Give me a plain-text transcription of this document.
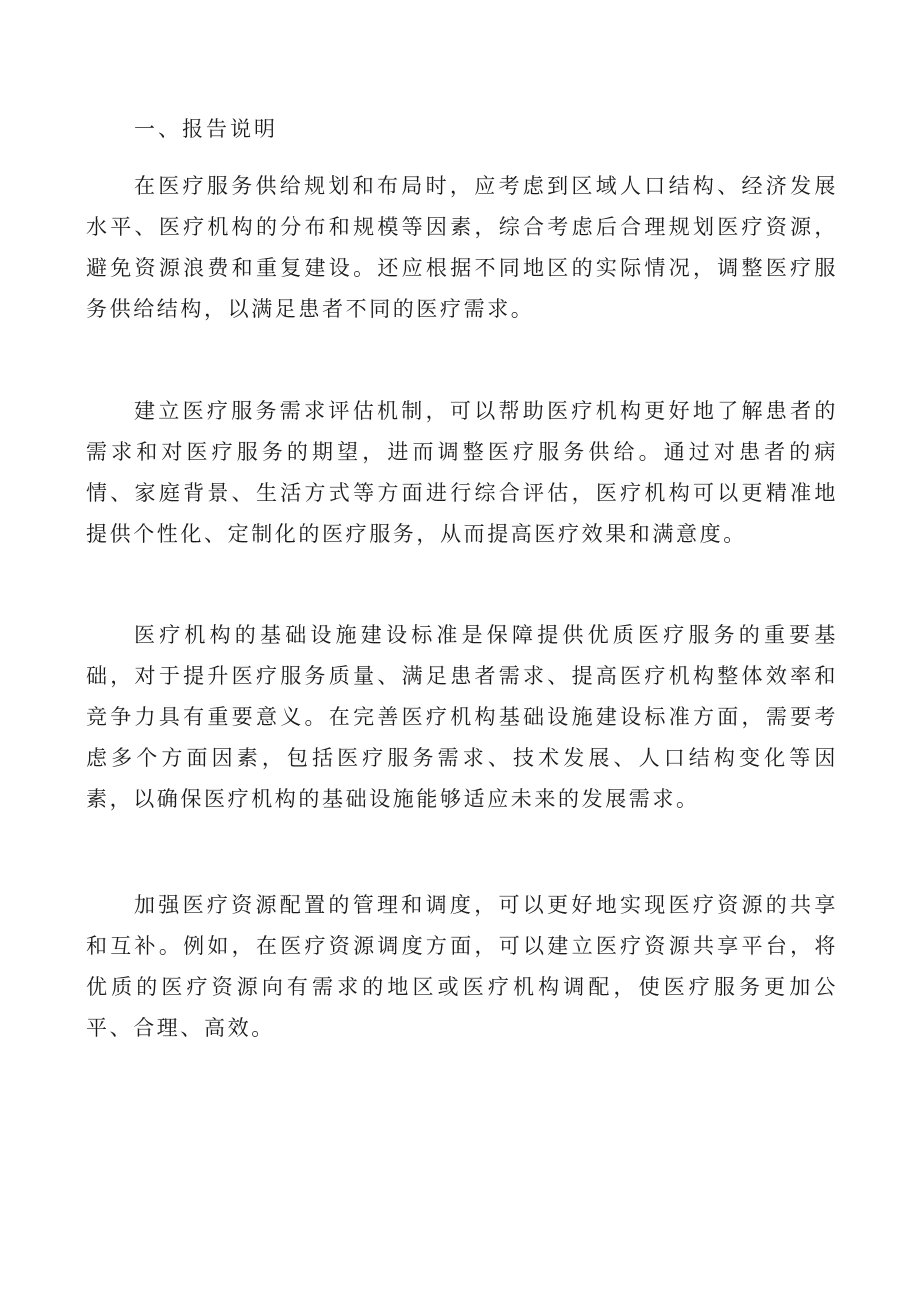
一、报告说明

在医疗服务供给规划和布局时，应考虑到区域人口结构、经济发展水平、医疗机构的分布和规模等因素，综合考虑后合理规划医疗资源，避免资源浪费和重复建设。还应根据不同地区的实际情况，调整医疗服务供给结构，以满足患者不同的医疗需求。

建立医疗服务需求评估机制，可以帮助医疗机构更好地了解患者的需求和对医疗服务的期望，进而调整医疗服务供给。通过对患者的病情、家庭背景、生活方式等方面进行综合评估，医疗机构可以更精准地提供个性化、定制化的医疗服务，从而提高医疗效果和满意度。

医疗机构的基础设施建设标准是保障提供优质医疗服务的重要基础，对于提升医疗服务质量、满足患者需求、提高医疗机构整体效率和竞争力具有重要意义。在完善医疗机构基础设施建设标准方面，需要考虑多个方面因素，包括医疗服务需求、技术发展、人口结构变化等因素，以确保医疗机构的基础设施能够适应未来的发展需求。

加强医疗资源配置的管理和调度，可以更好地实现医疗资源的共享和互补。例如，在医疗资源调度方面，可以建立医疗资源共享平台，将优质的医疗资源向有需求的地区或医疗机构调配，使医疗服务更加公平、合理、高效。
